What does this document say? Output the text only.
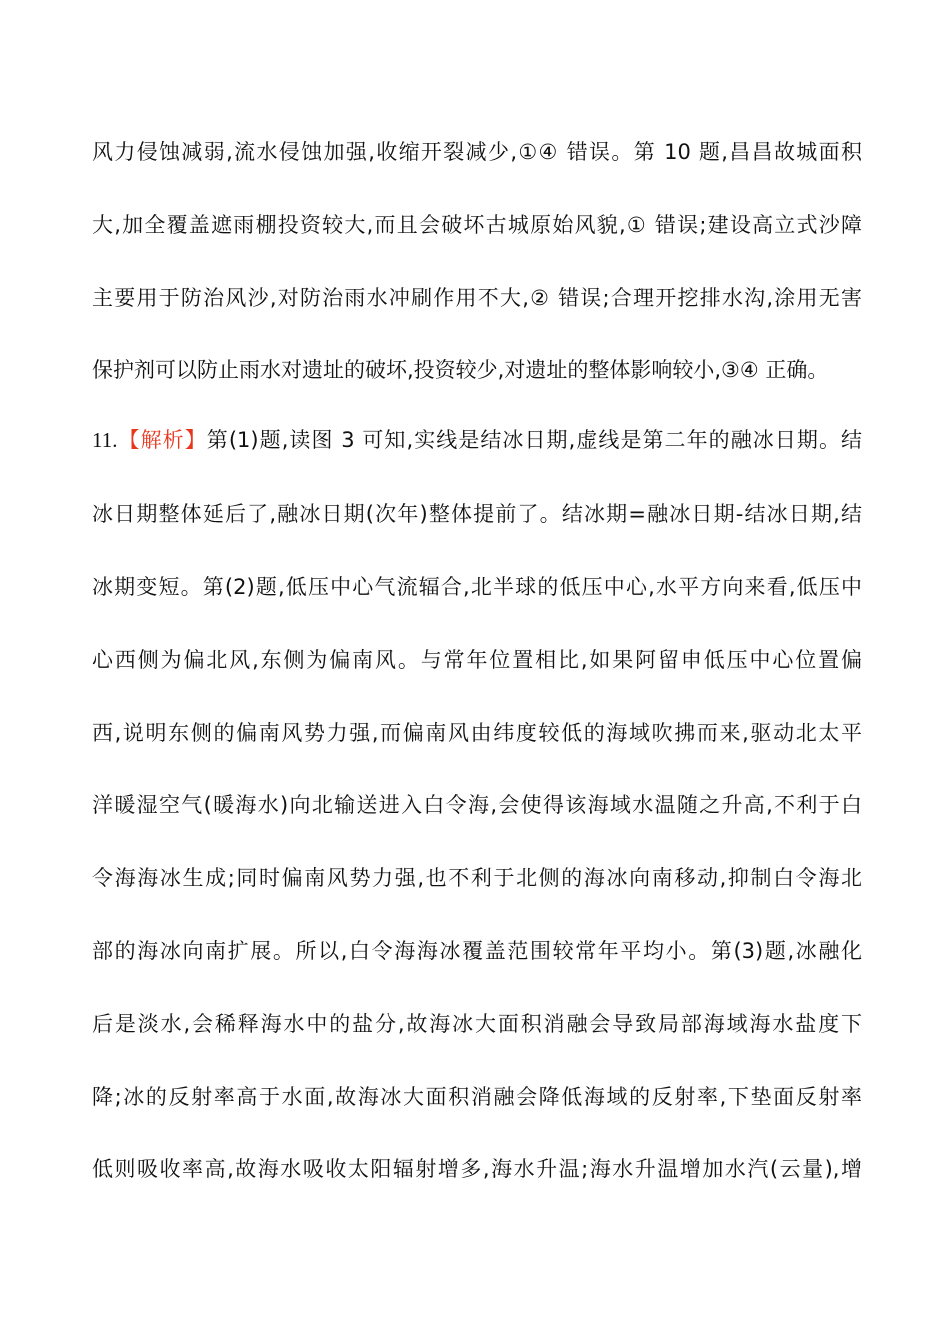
风力侵蚀减弱,流水侵蚀加强,收缩开裂减少,①④ 错误。第 10 题,昌昌故城面积
大,加全覆盖遮雨棚投资较大,而且会破坏古城原始风貌,① 错误;建设高立式沙障
主要用于防治风沙,对防治雨水冲刷作用不大,② 错误;合理开挖排水沟,涂用无害
保护剂可以防止雨水对遗址的破坏,投资较少,对遗址的整体影响较小,③④ 正确。
11.【解析】第(1)题,读图 3 可知,实线是结冰日期,虚线是第二年的融冰日期。结
冰日期整体延后了,融冰日期(次年)整体提前了。结冰期=融冰日期-结冰日期,结
冰期变短。第(2)题,低压中心气流辐合,北半球的低压中心,水平方向来看,低压中
心西侧为偏北风,东侧为偏南风。与常年位置相比,如果阿留申低压中心位置偏
西,说明东侧的偏南风势力强,而偏南风由纬度较低的海域吹拂而来,驱动北太平
洋暖湿空气(暖海水)向北输送进入白令海,会使得该海域水温随之升高,不利于白
令海海冰生成;同时偏南风势力强,也不利于北侧的海冰向南移动,抑制白令海北
部的海冰向南扩展。所以,白令海海冰覆盖范围较常年平均小。第(3)题,冰融化
后是淡水,会稀释海水中的盐分,故海冰大面积消融会导致局部海域海水盐度下
降;冰的反射率高于水面,故海冰大面积消融会降低海域的反射率,下垫面反射率
低则吸收率高,故海水吸收太阳辐射增多,海水升温;海水升温增加水汽(云量),增
